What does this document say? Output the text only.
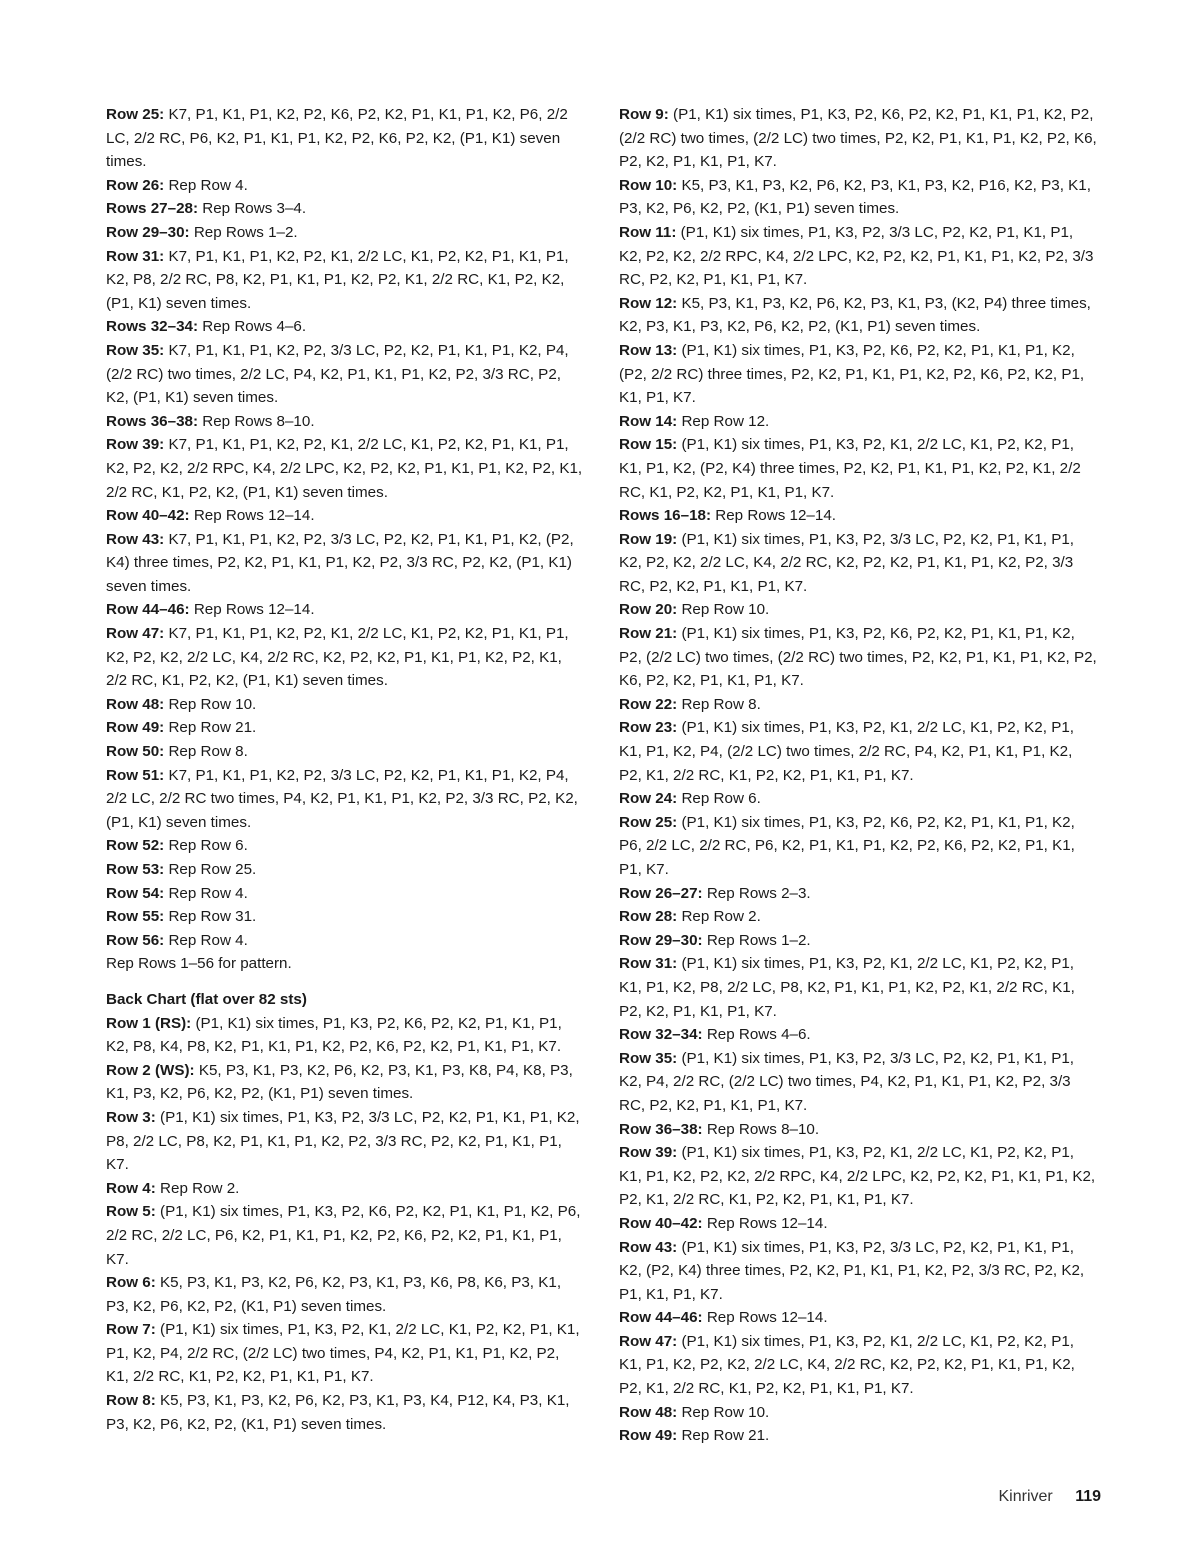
Row 25: K7, P1, K1, P1, K2, P2, K6, P2, K2, P1, K1, P1, K2, P6, 2/2 LC, 2/2 RC, P6, K2, P1, K1, P1, K2, P2, K6, P2, K2, (P1, K1) seven times.

Row 26: Rep Row 4.

Rows 27–28: Rep Rows 3–4.

Row 29–30: Rep Rows 1–2.

Row 31: K7, P1, K1, P1, K2, P2, K1, 2/2 LC, K1, P2, K2, P1, K1, P1, K2, P8, 2/2 RC, P8, K2, P1, K1, P1, K2, P2, K1, 2/2 RC, K1, P2, K2, (P1, K1) seven times.

Rows 32–34: Rep Rows 4–6.

Row 35: K7, P1, K1, P1, K2, P2, 3/3 LC, P2, K2, P1, K1, P1, K2, P4, (2/2 RC) two times, 2/2 LC, P4, K2, P1, K1, P1, K2, P2, 3/3 RC, P2, K2, (P1, K1) seven times.

Rows 36–38: Rep Rows 8–10.

Row 39: K7, P1, K1, P1, K2, P2, K1, 2/2 LC, K1, P2, K2, P1, K1, P1, K2, P2, K2, 2/2 RPC, K4, 2/2 LPC, K2, P2, K2, P1, K1, P1, K2, P2, K1, 2/2 RC, K1, P2, K2, (P1, K1) seven times.

Row 40–42: Rep Rows 12–14.

Row 43: K7, P1, K1, P1, K2, P2, 3/3 LC, P2, K2, P1, K1, P1, K2, (P2, K4) three times, P2, K2, P1, K1, P1, K2, P2, 3/3 RC, P2, K2, (P1, K1) seven times.

Row 44–46: Rep Rows 12–14.

Row 47: K7, P1, K1, P1, K2, P2, K1, 2/2 LC, K1, P2, K2, P1, K1, P1, K2, P2, K2, 2/2 LC, K4, 2/2 RC, K2, P2, K2, P1, K1, P1, K2, P2, K1, 2/2 RC, K1, P2, K2, (P1, K1) seven times.

Row 48: Rep Row 10.

Row 49: Rep Row 21.

Row 50: Rep Row 8.

Row 51: K7, P1, K1, P1, K2, P2, 3/3 LC, P2, K2, P1, K1, P1, K2, P4, 2/2 LC, 2/2 RC two times, P4, K2, P1, K1, P1, K2, P2, 3/3 RC, P2, K2, (P1, K1) seven times.

Row 52: Rep Row 6.

Row 53: Rep Row 25.

Row 54: Rep Row 4.

Row 55: Rep Row 31.

Row 56: Rep Row 4.

Rep Rows 1–56 for pattern.

Back Chart (flat over 82 sts)

Row 1 (RS): (P1, K1) six times, P1, K3, P2, K6, P2, K2, P1, K1, P1, K2, P8, K4, P8, K2, P1, K1, P1, K2, P2, K6, P2, K2, P1, K1, P1, K7.

Row 2 (WS): K5, P3, K1, P3, K2, P6, K2, P3, K1, P3, K8, P4, K8, P3, K1, P3, K2, P6, K2, P2, (K1, P1) seven times.

Row 3: (P1, K1) six times, P1, K3, P2, 3/3 LC, P2, K2, P1, K1, P1, K2, P8, 2/2 LC, P8, K2, P1, K1, P1, K2, P2, 3/3 RC, P2, K2, P1, K1, P1, K7.

Row 4: Rep Row 2.

Row 5: (P1, K1) six times, P1, K3, P2, K6, P2, K2, P1, K1, P1, K2, P6, 2/2 RC, 2/2 LC, P6, K2, P1, K1, P1, K2, P2, K6, P2, K2, P1, K1, P1, K7.

Row 6: K5, P3, K1, P3, K2, P6, K2, P3, K1, P3, K6, P8, K6, P3, K1, P3, K2, P6, K2, P2, (K1, P1) seven times.

Row 7: (P1, K1) six times, P1, K3, P2, K1, 2/2 LC, K1, P2, K2, P1, K1, P1, K2, P4, 2/2 RC, (2/2 LC) two times, P4, K2, P1, K1, P1, K2, P2, K1, 2/2 RC, K1, P2, K2, P1, K1, P1, K7.

Row 8: K5, P3, K1, P3, K2, P6, K2, P3, K1, P3, K4, P12, K4, P3, K1, P3, K2, P6, K2, P2, (K1, P1) seven times.

Row 9: (P1, K1) six times, P1, K3, P2, K6, P2, K2, P1, K1, P1, K2, P2, (2/2 RC) two times, (2/2 LC) two times, P2, K2, P1, K1, P1, K2, P2, K6, P2, K2, P1, K1, P1, K7.

Row 10: K5, P3, K1, P3, K2, P6, K2, P3, K1, P3, K2, P16, K2, P3, K1, P3, K2, P6, K2, P2, (K1, P1) seven times.

Row 11: (P1, K1) six times, P1, K3, P2, 3/3 LC, P2, K2, P1, K1, P1, K2, P2, K2, 2/2 RPC, K4, 2/2 LPC, K2, P2, K2, P1, K1, P1, K2, P2, 3/3 RC, P2, K2, P1, K1, P1, K7.

Row 12: K5, P3, K1, P3, K2, P6, K2, P3, K1, P3, (K2, P4) three times, K2, P3, K1, P3, K2, P6, K2, P2, (K1, P1) seven times.

Row 13: (P1, K1) six times, P1, K3, P2, K6, P2, K2, P1, K1, P1, K2, (P2, 2/2 RC) three times, P2, K2, P1, K1, P1, K2, P2, K6, P2, K2, P1, K1, P1, K7.

Row 14: Rep Row 12.

Row 15: (P1, K1) six times, P1, K3, P2, K1, 2/2 LC, K1, P2, K2, P1, K1, P1, K2, (P2, K4) three times, P2, K2, P1, K1, P1, K2, P2, K1, 2/2 RC, K1, P2, K2, P1, K1, P1, K7.

Rows 16–18: Rep Rows 12–14.

Row 19: (P1, K1) six times, P1, K3, P2, 3/3 LC, P2, K2, P1, K1, P1, K2, P2, K2, 2/2 LC, K4, 2/2 RC, K2, P2, K2, P1, K1, P1, K2, P2, 3/3 RC, P2, K2, P1, K1, P1, K7.

Row 20: Rep Row 10.

Row 21: (P1, K1) six times, P1, K3, P2, K6, P2, K2, P1, K1, P1, K2, P2, (2/2 LC) two times, (2/2 RC) two times, P2, K2, P1, K1, P1, K2, P2, K6, P2, K2, P1, K1, P1, K7.

Row 22: Rep Row 8.

Row 23: (P1, K1) six times, P1, K3, P2, K1, 2/2 LC, K1, P2, K2, P1, K1, P1, K2, P4, (2/2 LC) two times, 2/2 RC, P4, K2, P1, K1, P1, K2, P2, K1, 2/2 RC, K1, P2, K2, P1, K1, P1, K7.

Row 24: Rep Row 6.

Row 25: (P1, K1) six times, P1, K3, P2, K6, P2, K2, P1, K1, P1, K2, P6, 2/2 LC, 2/2 RC, P6, K2, P1, K1, P1, K2, P2, K6, P2, K2, P1, K1, P1, K7.

Row 26–27: Rep Rows 2–3.

Row 28: Rep Row 2.

Row 29–30: Rep Rows 1–2.

Row 31: (P1, K1) six times, P1, K3, P2, K1, 2/2 LC, K1, P2, K2, P1, K1, P1, K2, P8, 2/2 LC, P8, K2, P1, K1, P1, K2, P2, K1, 2/2 RC, K1, P2, K2, P1, K1, P1, K7.

Row 32–34: Rep Rows 4–6.

Row 35: (P1, K1) six times, P1, K3, P2, 3/3 LC, P2, K2, P1, K1, P1, K2, P4, 2/2 RC, (2/2 LC) two times, P4, K2, P1, K1, P1, K2, P2, 3/3 RC, P2, K2, P1, K1, P1, K7.

Row 36–38: Rep Rows 8–10.

Row 39: (P1, K1) six times, P1, K3, P2, K1, 2/2 LC, K1, P2, K2, P1, K1, P1, K2, P2, K2, 2/2 RPC, K4, 2/2 LPC, K2, P2, K2, P1, K1, P1, K2, P2, K1, 2/2 RC, K1, P2, K2, P1, K1, P1, K7.

Row 40–42: Rep Rows 12–14.

Row 43: (P1, K1) six times, P1, K3, P2, 3/3 LC, P2, K2, P1, K1, P1, K2, (P2, K4) three times, P2, K2, P1, K1, P1, K2, P2, 3/3 RC, P2, K2, P1, K1, P1, K7.

Row 44–46: Rep Rows 12–14.

Row 47: (P1, K1) six times, P1, K3, P2, K1, 2/2 LC, K1, P2, K2, P1, K1, P1, K2, P2, K2, 2/2 LC, K4, 2/2 RC, K2, P2, K2, P1, K1, P1, K2, P2, K1, 2/2 RC, K1, P2, K2, P1, K1, P1, K7.

Row 48: Rep Row 10.

Row 49: Rep Row 21.

Kinriver 119
